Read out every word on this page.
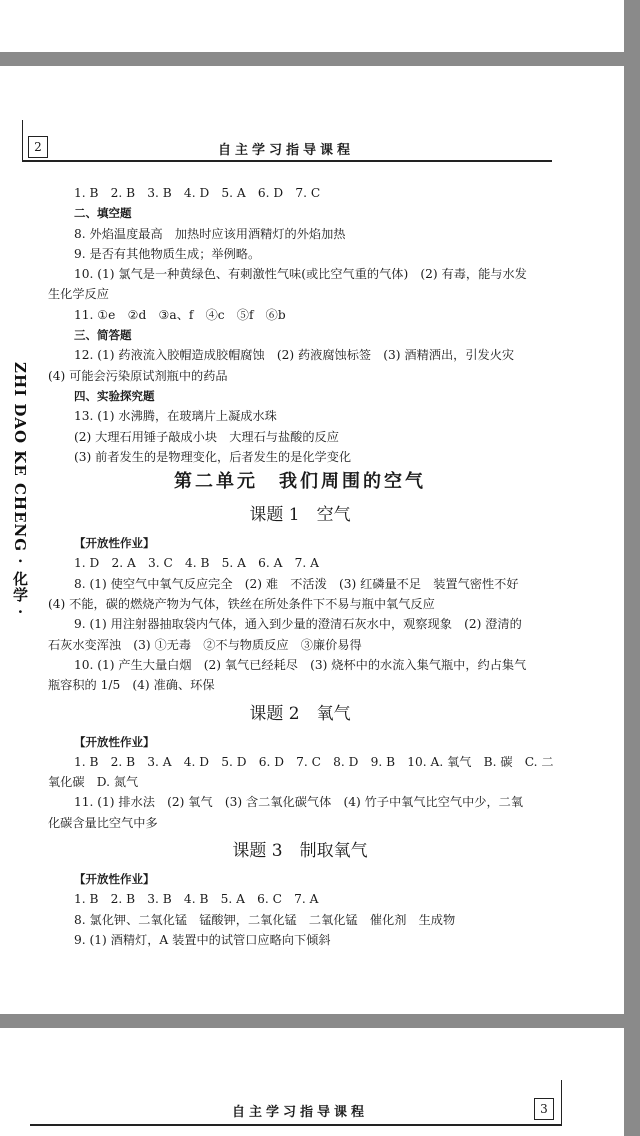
2	自主学习指导课程
ZHI DAO KE CHENG · 化学 ·
1. B　2. B　3. B　4. D　5. A　6. D　7. C
二、填空题
8. 外焰温度最高　加热时应该用酒精灯的外焰加热
9. 是否有其他物质生成；举例略。
10. (1) 氯气是一种黄绿色、有刺激性气味(或比空气重的气体)　(2) 有毒，能与水发
生化学反应
11. ①e　②d　③a、f　④c　⑤f　⑥b
三、简答题
12. (1) 药液流入胶帽造成胶帽腐蚀　(2) 药液腐蚀标签　(3) 酒精洒出，引发火灾
(4) 可能会污染原试剂瓶中的药品
四、实验探究题
13. (1) 水沸腾，在玻璃片上凝成水珠
(2) 大理石用锤子敲成小块　大理石与盐酸的反应
(3) 前者发生的是物理变化，后者发生的是化学变化
第二单元　我们周围的空气
课题 1　空气
【开放性作业】
1. D　2. A　3. C　4. B　5. A　6. A　7. A
8. (1) 使空气中氧气反应完全　(2) 难　不活泼　(3) 红磷量不足　装置气密性不好
(4) 不能，碳的燃烧产物为气体，铁丝在所处条件下不易与瓶中氧气反应
9. (1) 用注射器抽取袋内气体，通入到少量的澄清石灰水中，观察现象　(2) 澄清的
石灰水变浑浊　(3) ①无毒　②不与物质反应　③廉价易得
10. (1) 产生大量白烟　(2) 氧气已经耗尽　(3) 烧杯中的水流入集气瓶中，约占集气
瓶容积的 1/5　(4) 准确、环保
课题 2　氧气
【开放性作业】
1. B　2. B　3. A　4. D　5. D　6. D　7. C　8. D　9. B　10. A. 氧气　B. 碳　C. 二
氧化碳　D. 氮气
11. (1) 排水法　(2) 氧气　(3) 含二氧化碳气体　(4) 竹子中氧气比空气中少，二氧
化碳含量比空气中多
课题 3　制取氧气
【开放性作业】
1. B　2. B　3. B　4. B　5. A　6. C　7. A
8. 氯化钾、二氧化锰　锰酸钾，二氧化锰　二氧化锰　催化剂　生成物
9. (1) 酒精灯，A 装置中的试管口应略向下倾斜
自主学习指导课程	3
